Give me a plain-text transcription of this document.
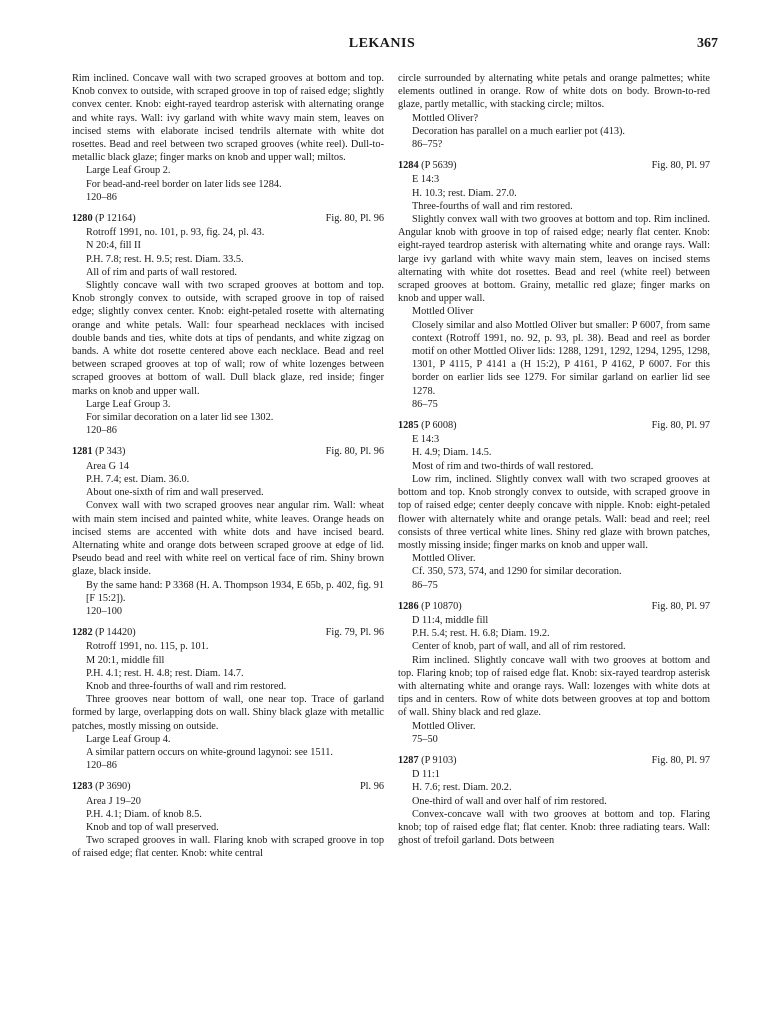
LEKANIS	367

Rim inclined. Concave wall with two scraped grooves at bottom and top. Knob convex to outside, with scraped groove in top of raised edge; slightly convex center. Knob: eight-rayed teardrop asterisk with alternating orange and white rays. Wall: ivy garland with white wavy main stem, leaves on incised stems with elaborate incised tendrils alternate with white dot rosettes. Bead and reel between two scraped grooves (white reel). Dull-to-metallic black glaze; finger marks on knob and upper wall; miltos.

Large Leaf Group 2.

For bead-and-reel border on later lids see 1284.

120–86

1280 (P 12164)	Fig. 80, Pl. 96

Rotroff 1991, no. 101, p. 93, fig. 24, pl. 43.

N 20:4, fill II

P.H. 7.8; rest. H. 9.5; rest. Diam. 33.5.

All of rim and parts of wall restored.

Slightly concave wall with two scraped grooves at bottom and top. Knob strongly convex to outside, with scraped groove in top of raised edge; slightly convex center. Knob: eight-petaled rosette with alternating orange and white petals. Wall: four spearhead necklaces with incised double bands and ties, white dots at tips of pendants, and white zigzag on bands. A white dot rosette centered above each necklace. Bead and reel between scraped grooves at top of wall; row of white lozenges between scraped grooves at bottom of wall. Dull black glaze, red inside; finger marks on knob and upper wall.

Large Leaf Group 3.

For similar decoration on a later lid see 1302.

120–86

1281 (P 343)	Fig. 80, Pl. 96

Area G 14

P.H. 7.4; est. Diam. 36.0.

About one-sixth of rim and wall preserved.

Convex wall with two scraped grooves near angular rim. Wall: wheat with main stem incised and painted white, white leaves. Orange heads on incised stems are accented with white dots and have incised beard. Alternating white and orange dots between scraped groove at edge of lid. Pseudo bead and reel with white reel on vertical face of rim. Shiny brown glaze, black inside.

By the same hand: P 3368 (H. A. Thompson 1934, E 65b, p. 402, fig. 91 [F 15:2]).

120–100

1282 (P 14420)	Fig. 79, Pl. 96

Rotroff 1991, no. 115, p. 101.

M 20:1, middle fill

P.H. 4.1; rest. H. 4.8; rest. Diam. 14.7.

Knob and three-fourths of wall and rim restored.

Three grooves near bottom of wall, one near top. Trace of garland formed by large, overlapping dots on wall. Shiny black glaze with metallic patches, mostly missing on outside.

Large Leaf Group 4.

A similar pattern occurs on white-ground lagynoi: see 1511.

120–86

1283 (P 3690)	Pl. 96

Area J 19–20

P.H. 4.1; Diam. of knob 8.5.

Knob and top of wall preserved.

Two scraped grooves in wall. Flaring knob with scraped groove in top of raised edge; flat center. Knob: white central

circle surrounded by alternating white petals and orange palmettes; white elements outlined in orange. Row of white dots on body. Brown-to-red glaze, partly metallic, with stacking circle; miltos.

Mottled Oliver?

Decoration has parallel on a much earlier pot (413).

86–75?

1284 (P 5639)	Fig. 80, Pl. 97

E 14:3

H. 10.3; rest. Diam. 27.0.

Three-fourths of wall and rim restored.

Slightly convex wall with two grooves at bottom and top. Rim inclined. Angular knob with groove in top of raised edge; nearly flat center. Knob: eight-rayed teardrop asterisk with alternating white and orange rays. Wall: large ivy garland with white wavy main stem, leaves on incised stems alternating with white dot rosettes. Bead and reel (white reel) between scraped grooves at bottom. Grainy, metallic red glaze; finger marks on knob and upper wall.

Mottled Oliver

Closely similar and also Mottled Oliver but smaller: P 6007, from same context (Rotroff 1991, no. 92, p. 93, pl. 38). Bead and reel as border motif on other Mottled Oliver lids: 1288, 1291, 1292, 1294, 1295, 1298, 1301, P 4115, P 4141 a (H 15:2), P 4161, P 4162, P 6007. For this border on earlier lids see 1279. For similar garland on earlier lid see 1278.

86–75

1285 (P 6008)	Fig. 80, Pl. 97

E 14:3

H. 4.9; Diam. 14.5.

Most of rim and two-thirds of wall restored.

Low rim, inclined. Slightly convex wall with two scraped grooves at bottom and top. Knob strongly convex to outside, with scraped groove in top of raised edge; center deeply concave with nipple. Knob: eight-petaled flower with alternately white and orange petals. Wall: bead and reel; reel consists of three vertical white lines. Shiny red glaze with brown patches, mostly missing inside; finger marks on knob and upper wall.

Mottled Oliver.

Cf. 350, 573, 574, and 1290 for similar decoration.

86–75

1286 (P 10870)	Fig. 80, Pl. 97

D 11:4, middle fill

P.H. 5.4; rest. H. 6.8; Diam. 19.2.

Center of knob, part of wall, and all of rim restored.

Rim inclined. Slightly concave wall with two grooves at bottom and top. Flaring knob; top of raised edge flat. Knob: six-rayed teardrop asterisk with alternating white and orange rays. Wall: lozenges with white dots at tips and in centers. Row of white dots between grooves at top and bottom of wall. Shiny black and red glaze.

Mottled Oliver.

75–50

1287 (P 9103)	Fig. 80, Pl. 97

D 11:1

H. 7.6; rest. Diam. 20.2.

One-third of wall and over half of rim restored.

Convex-concave wall with two grooves at bottom and top. Flaring knob; top of raised edge flat; flat center. Knob: three radiating tears. Wall: ghost of trefoil garland. Dots between
